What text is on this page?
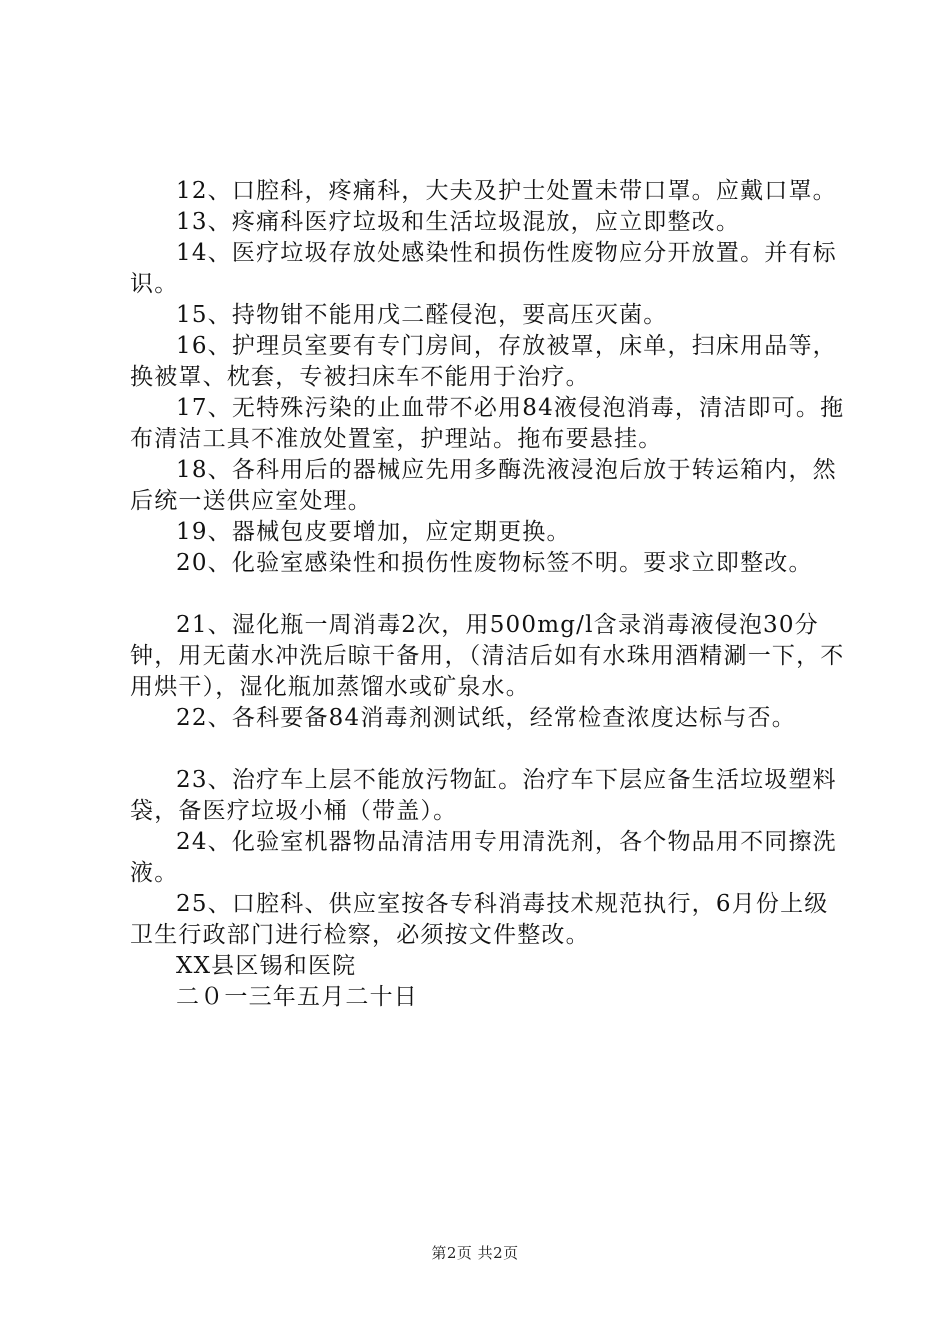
12、口腔科，疼痛科，大夫及护士处置未带口罩。应戴口罩。

13、疼痛科医疗垃圾和生活垃圾混放，应立即整改。

14、医疗垃圾存放处感染性和损伤性废物应分开放置。并有标识。

15、持物钳不能用戊二醛侵泡，要高压灭菌。

16、护理员室要有专门房间，存放被罩，床单，扫床用品等，换被罩、枕套，专被扫床车不能用于治疗。

17、无特殊污染的止血带不必用84液侵泡消毒，清洁即可。拖布清洁工具不准放处置室，护理站。拖布要悬挂。

18、各科用后的器械应先用多酶洗液浸泡后放于转运箱内，然后统一送供应室处理。

19、器械包皮要增加，应定期更换。

20、化验室感染性和损伤性废物标签不明。要求立即整改。

21、湿化瓶一周消毒2次，用500mg/l含录消毒液侵泡30分钟，用无菌水冲洗后晾干备用，（清洁后如有水珠用酒精涮一下，不用烘干），湿化瓶加蒸馏水或矿泉水。

22、各科要备84消毒剂测试纸，经常检查浓度达标与否。

23、治疗车上层不能放污物缸。治疗车下层应备生活垃圾塑料袋，备医疗垃圾小桶（带盖）。

24、化验室机器物品清洁用专用清洗剂，各个物品用不同擦洗液。

25、口腔科、供应室按各专科消毒技术规范执行，6月份上级卫生行政部门进行检察，必须按文件整改。

XX县区锡和医院

二０一三年五月二十日

第2页 共2页
